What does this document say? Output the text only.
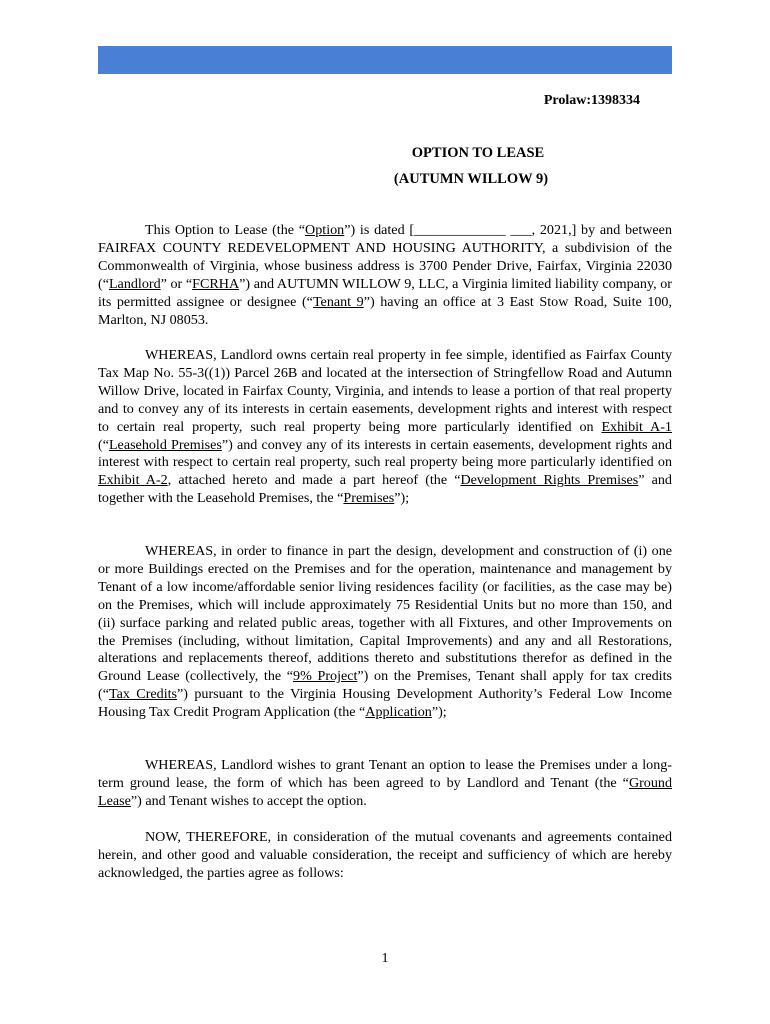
Prolaw:1398334

OPTION TO LEASE

(AUTUMN WILLOW 9)

This Option to Lease (the “Option”) is dated [_____________ ___, 2021,] by and between FAIRFAX COUNTY REDEVELOPMENT AND HOUSING AUTHORITY, a subdivision of the Commonwealth of Virginia, whose business address is 3700 Pender Drive, Fairfax, Virginia 22030 (“Landlord” or “FCRHA”) and AUTUMN WILLOW 9, LLC, a Virginia limited liability company, or its permitted assignee or designee (“Tenant 9”) having an office at 3 East Stow Road, Suite 100, Marlton, NJ 08053.

WHEREAS, Landlord owns certain real property in fee simple, identified as Fairfax County Tax Map No. 55-3((1)) Parcel 26B and located at the intersection of Stringfellow Road and Autumn Willow Drive, located in Fairfax County, Virginia, and intends to lease a portion of that real property and to convey any of its interests in certain easements, development rights and interest with respect to certain real property, such real property being more particularly identified on Exhibit A-1 (“Leasehold Premises”) and convey any of its interests in certain easements, development rights and interest with respect to certain real property, such real property being more particularly identified on Exhibit A-2, attached hereto and made a part hereof (the “Development Rights Premises” and together with the Leasehold Premises, the “Premises”);

WHEREAS, in order to finance in part the design, development and construction of (i) one or more Buildings erected on the Premises and for the operation, maintenance and management by Tenant of a low income/affordable senior living residences facility (or facilities, as the case may be) on the Premises, which will include approximately 75 Residential Units but no more than 150, and (ii) surface parking and related public areas, together with all Fixtures, and other Improvements on the Premises (including, without limitation, Capital Improvements) and any and all Restorations, alterations and replacements thereof, additions thereto and substitutions therefor as defined in the Ground Lease (collectively, the “9% Project”) on the Premises, Tenant shall apply for tax credits (“Tax Credits”) pursuant to the Virginia Housing Development Authority’s Federal Low Income Housing Tax Credit Program Application (the “Application”);

WHEREAS, Landlord wishes to grant Tenant an option to lease the Premises under a long-term ground lease, the form of which has been agreed to by Landlord and Tenant (the “Ground Lease”) and Tenant wishes to accept the option.

NOW, THEREFORE, in consideration of the mutual covenants and agreements contained herein, and other good and valuable consideration, the receipt and sufficiency of which are hereby acknowledged, the parties agree as follows:

1
